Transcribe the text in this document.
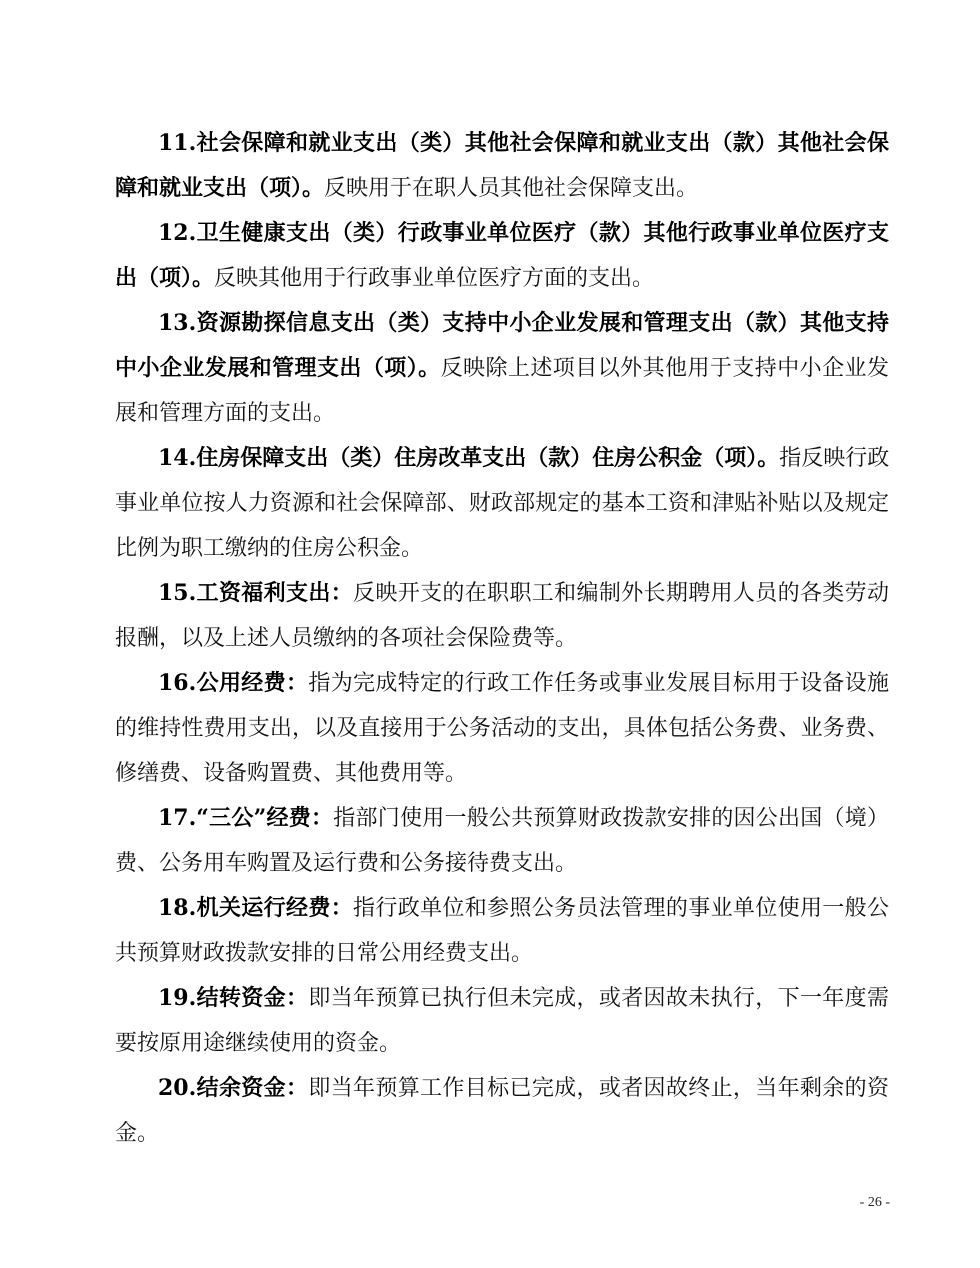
11.社会保障和就业支出（类）其他社会保障和就业支出（款）其他社会保
障和就业支出（项）。反映用于在职人员其他社会保障支出。
12.卫生健康支出（类）行政事业单位医疗（款）其他行政事业单位医疗支
出（项）。反映其他用于行政事业单位医疗方面的支出。
13.资源勘探信息支出（类）支持中小企业发展和管理支出（款）其他支持
中小企业发展和管理支出（项）。反映除上述项目以外其他用于支持中小企业发
展和管理方面的支出。
14.住房保障支出（类）住房改革支出（款）住房公积金（项）。指反映行政
事业单位按人力资源和社会保障部、财政部规定的基本工资和津贴补贴以及规定
比例为职工缴纳的住房公积金。
15.工资福利支出：反映开支的在职职工和编制外长期聘用人员的各类劳动
报酬，以及上述人员缴纳的各项社会保险费等。
16.公用经费：指为完成特定的行政工作任务或事业发展目标用于设备设施
的维持性费用支出，以及直接用于公务活动的支出，具体包括公务费、业务费、
修缮费、设备购置费、其他费用等。
17.“三公”经费：指部门使用一般公共预算财政拨款安排的因公出国（境）
费、公务用车购置及运行费和公务接待费支出。
18.机关运行经费：指行政单位和参照公务员法管理的事业单位使用一般公
共预算财政拨款安排的日常公用经费支出。
19.结转资金：即当年预算已执行但未完成，或者因故未执行，下一年度需
要按原用途继续使用的资金。
20.结余资金：即当年预算工作目标已完成，或者因故终止，当年剩余的资
金。
- 26 -
